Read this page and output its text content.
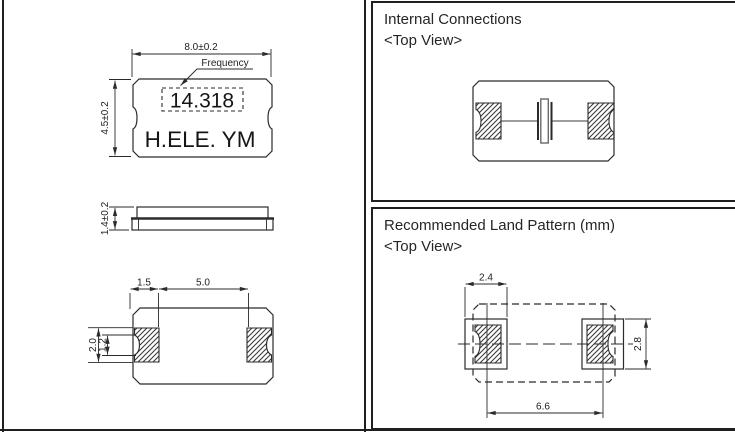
14.318
H.ELE. YM
8.0±0.2
Frequency
4.5±0.2
1.4±0.2
1.5	5.0
2.0
1.2
Internal Connections
<Top View>
Recommended Land Pattern (mm)
<Top View>
2.4
2.8
6.6
